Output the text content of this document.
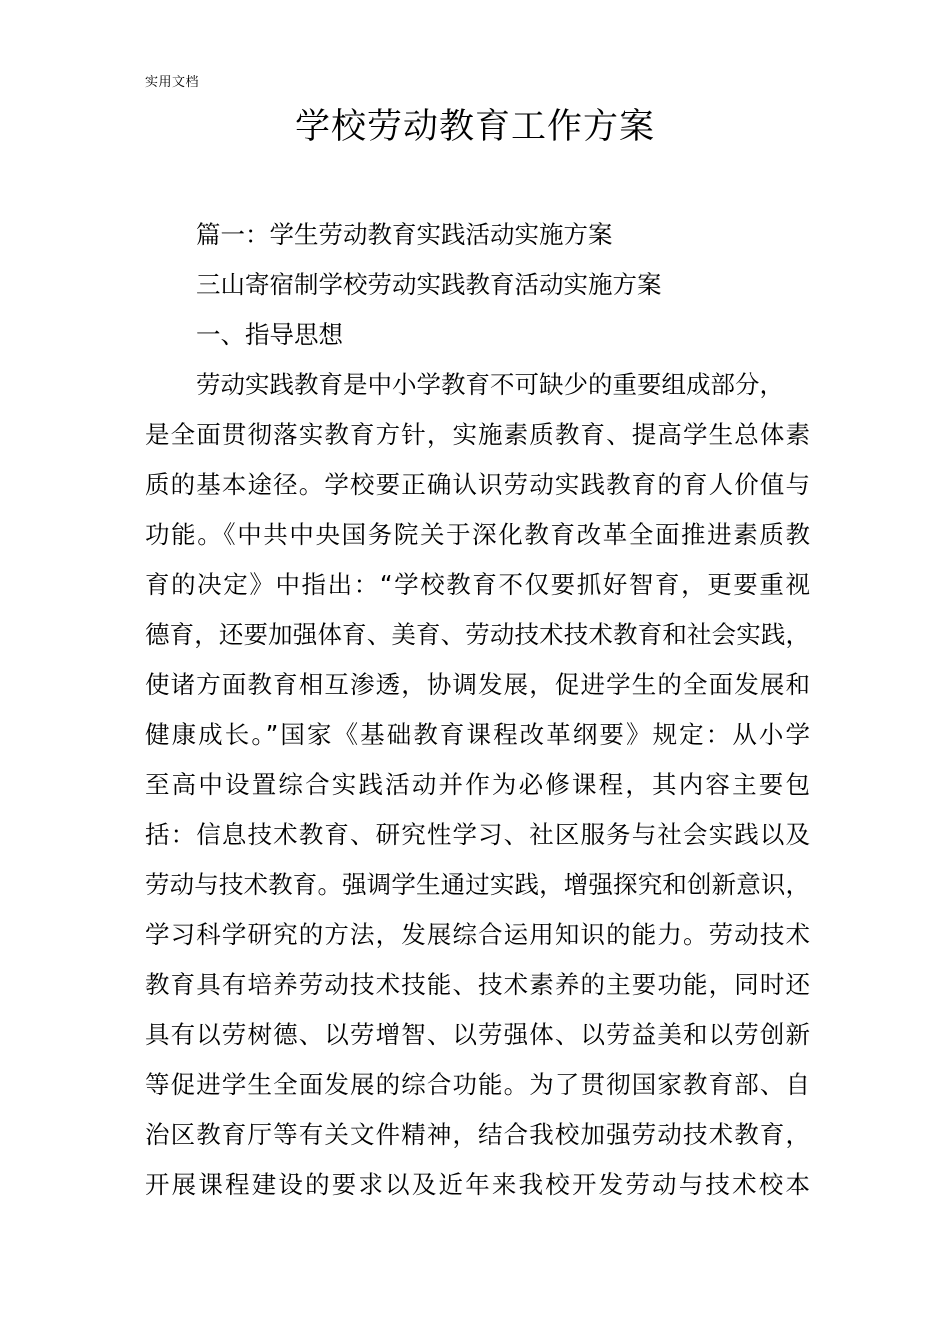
实用文档
学校劳动教育工作方案
篇一：学生劳动教育实践活动实施方案
三山寄宿制学校劳动实践教育活动实施方案
一、指导思想
劳动实践教育是中小学教育不可缺少的重要组成部分，
是全面贯彻落实教育方针，实施素质教育、提高学生总体素
质的基本途径。学校要正确认识劳动实践教育的育人价值与
功能。《中共中央国务院关于深化教育改革全面推进素质教
育的决定》中指出：“学校教育不仅要抓好智育，更要重视
德育，还要加强体育、美育、劳动技术技术教育和社会实践，
使诸方面教育相互渗透，协调发展，促进学生的全面发展和
健康成长。”国家《基础教育课程改革纲要》规定：从小学
至高中设置综合实践活动并作为必修课程，其内容主要包
括：信息技术教育、研究性学习、社区服务与社会实践以及
劳动与技术教育。强调学生通过实践，增强探究和创新意识，
学习科学研究的方法，发展综合运用知识的能力。劳动技术
教育具有培养劳动技术技能、技术素养的主要功能，同时还
具有以劳树德、以劳增智、以劳强体、以劳益美和以劳创新
等促进学生全面发展的综合功能。为了贯彻国家教育部、自
治区教育厅等有关文件精神，结合我校加强劳动技术教育，
开展课程建设的要求以及近年来我校开发劳动与技术校本
